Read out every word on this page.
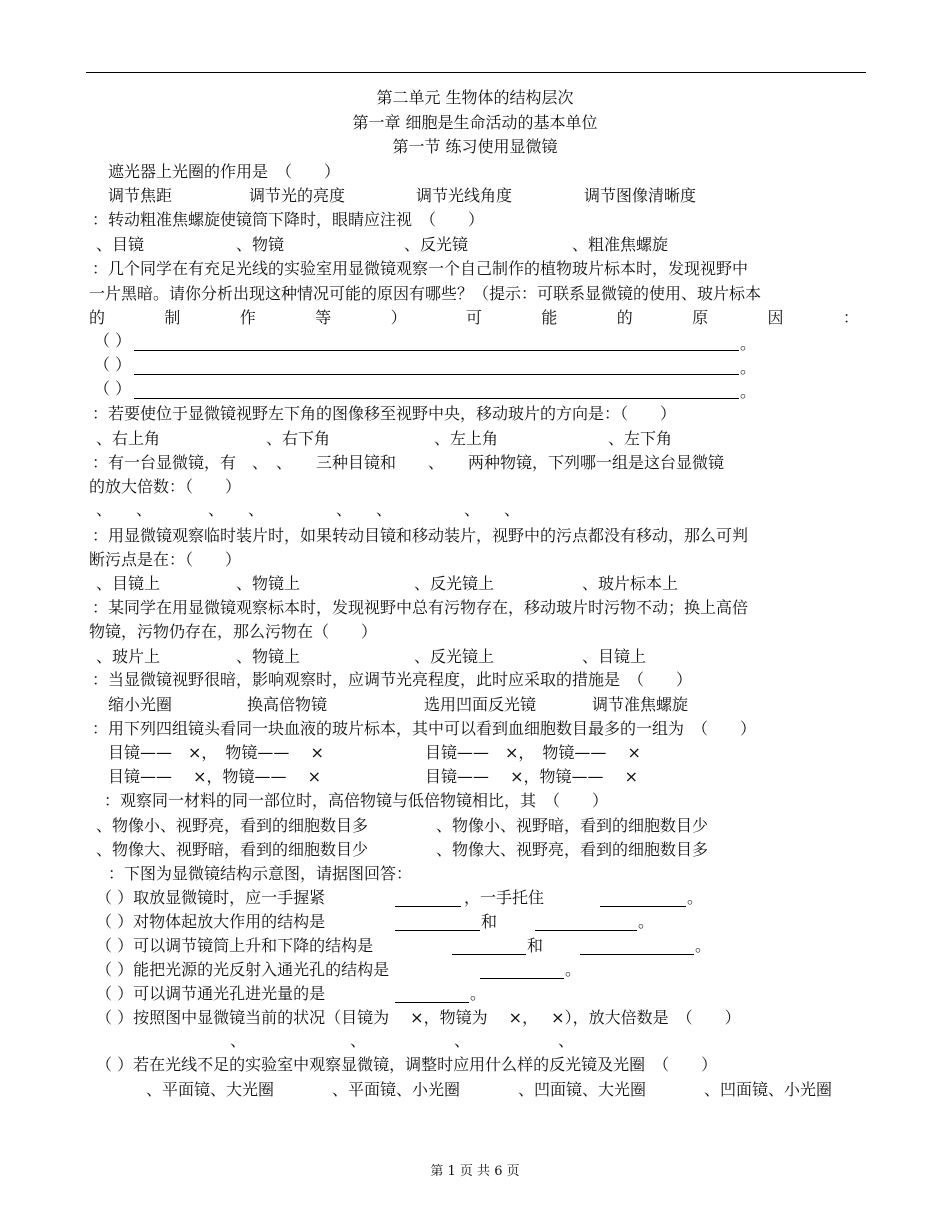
第二单元 生物体的结构层次
第一章 细胞是生命活动的基本单位
第一节 练习使用显微镜
遮光器上光圈的作用是　（　　）
调节焦距	调节光的亮度	调节光线角度	调节图像清晰度
：转动粗准焦螺旋使镜筒下降时，眼睛应注视　（　　）
、目镜	、物镜	、反光镜	、粗准焦螺旋
：几个同学在有充足光线的实验室用显微镜观察一个自己制作的植物玻片标本时，发现视野中
一片黑暗。请你分析出现这种情况可能的原因有哪些？（提示：可联系显微镜的使用、玻片标本
的	制	作	等	）	可	能	的	原	因	：
（ ）	。
（ ）	。
（ ）	。
：若要使位于显微镜视野左下角的图像移至视野中央，移动玻片的方向是：（　　）
、右上角	、右下角	、左上角	、左下角
：有一台显微镜，有　、　、　　三种目镜和　　、　　两种物镜，下列哪一组是这台显微镜
的放大倍数：（　　）
、　　、　　　　、　　、　　　　　、　　、　　　　　、　　、
：用显微镜观察临时装片时，如果转动目镜和移动装片，视野中的污点都没有移动，那么可判
断污点是在：（　　）
、目镜上	、物镜上	、反光镜上	、玻片标本上
：某同学在用显微镜观察标本时，发现视野中总有污物存在，移动玻片时污物不动；换上高倍
物镜，污物仍存在，那么污物在（　　）
、玻片上	、物镜上	、反光镜上	、目镜上
：当显微镜视野很暗，影响观察时，应调节光亮程度，此时应采取的措施是　（　　）
缩小光圈	换高倍物镜	选用凹面反光镜	调节准焦螺旋
：用下列四组镜头看同一块血液的玻片标本，其中可以看到血细胞数目最多的一组为　（　　）
目镜——　×，　物镜——　 ×	目镜——　×，　物镜——　 ×
目镜——　 ×，物镜——　 ×	目镜——　 ×，物镜——　 ×
：观察同一材料的同一部位时，高倍物镜与低倍物镜相比，其　（　　）
、物像小、视野亮，看到的细胞数目多	、物像小、视野暗，看到的细胞数目少
、物像大、视野暗，看到的细胞数目少	、物像大、视野亮，看到的细胞数目多
：下图为显微镜结构示意图，请据图回答：
（ ）取放显微镜时，应一手握紧	，一手托住	。
（ ）对物体起放大作用的结构是	和	。
（ ）可以调节镜筒上升和下降的结构是	和	。
（ ）能把光源的光反射入通光孔的结构是	。
（ ）可以调节通光孔进光量的是	。
（ ）按照图中显微镜当前的状况（目镜为　 ×，物镜为　 ×，　 ×），放大倍数是　（　　）
、　　　　　　　、　　　　　　、　　　　　　、
（ ）若在光线不足的实验室中观察显微镜，调整时应用什么样的反光镜及光圈　（　　）
、平面镜、大光圈	、平面镜、小光圈	、凹面镜、大光圈	、凹面镜、小光圈
第 1 页 共 6 页
